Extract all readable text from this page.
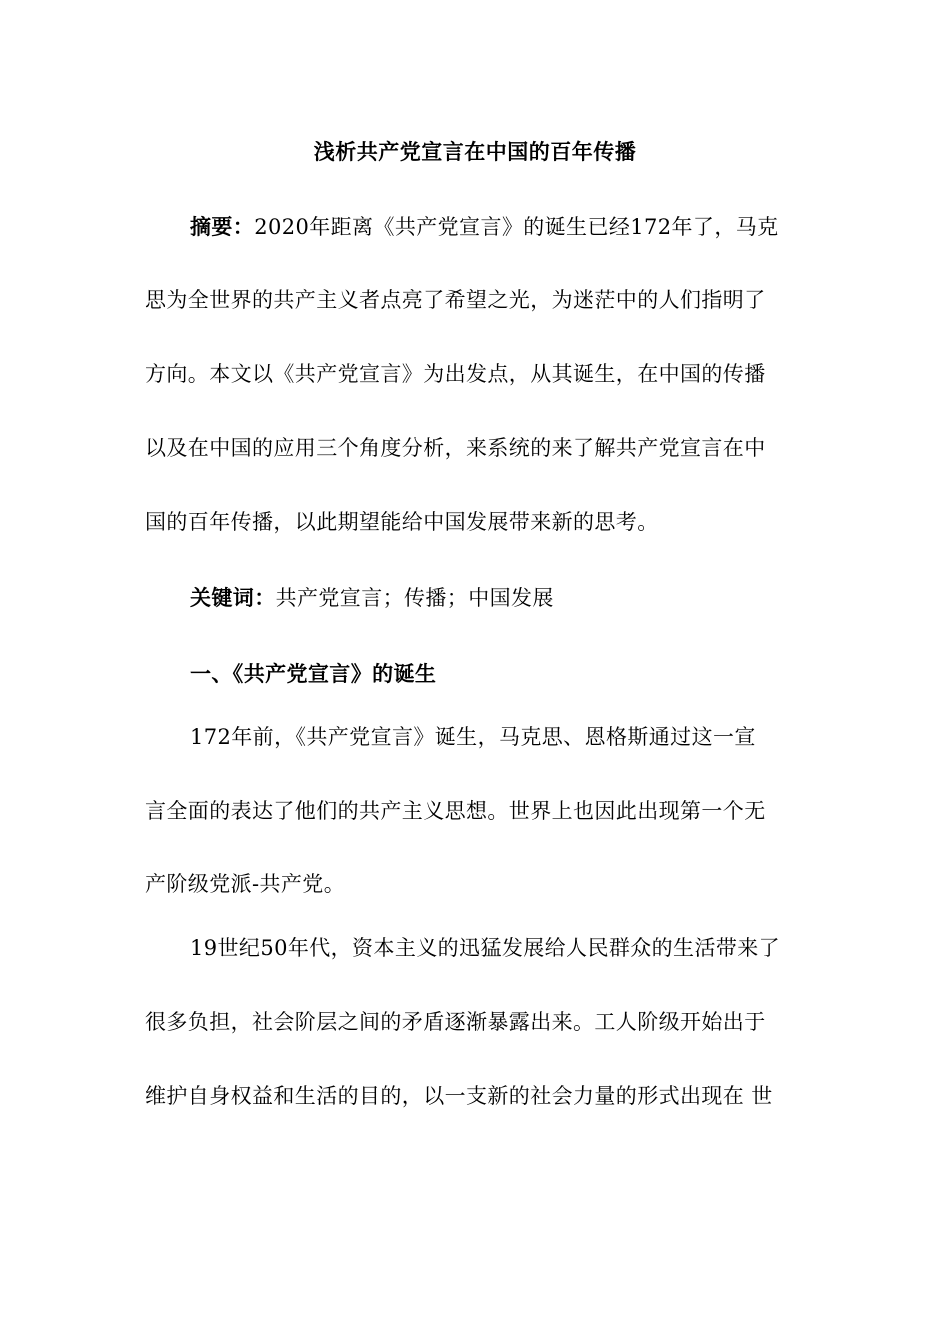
浅析共产党宣言在中国的百年传播
摘要：2020年距离《共产党宣言》的诞生已经172年了，马克
思为全世界的共产主义者点亮了希望之光，为迷茫中的人们指明了
方向。本文以《共产党宣言》为出发点，从其诞生，在中国的传播
以及在中国的应用三个角度分析，来系统的来了解共产党宣言在中
国的百年传播，以此期望能给中国发展带来新的思考。
关键词：共产党宣言；传播；中国发展
一、《共产党宣言》的诞生
172年前，《共产党宣言》诞生，马克思、恩格斯通过这一宣
言全面的表达了他们的共产主义思想。世界上也因此出现第一个无
产阶级党派-共产党。
19世纪50年代，资本主义的迅猛发展给人民群众的生活带来了
很多负担，社会阶层之间的矛盾逐渐暴露出来。工人阶级开始出于
维护自身权益和生活的目的，以一支新的社会力量的形式出现在 世
